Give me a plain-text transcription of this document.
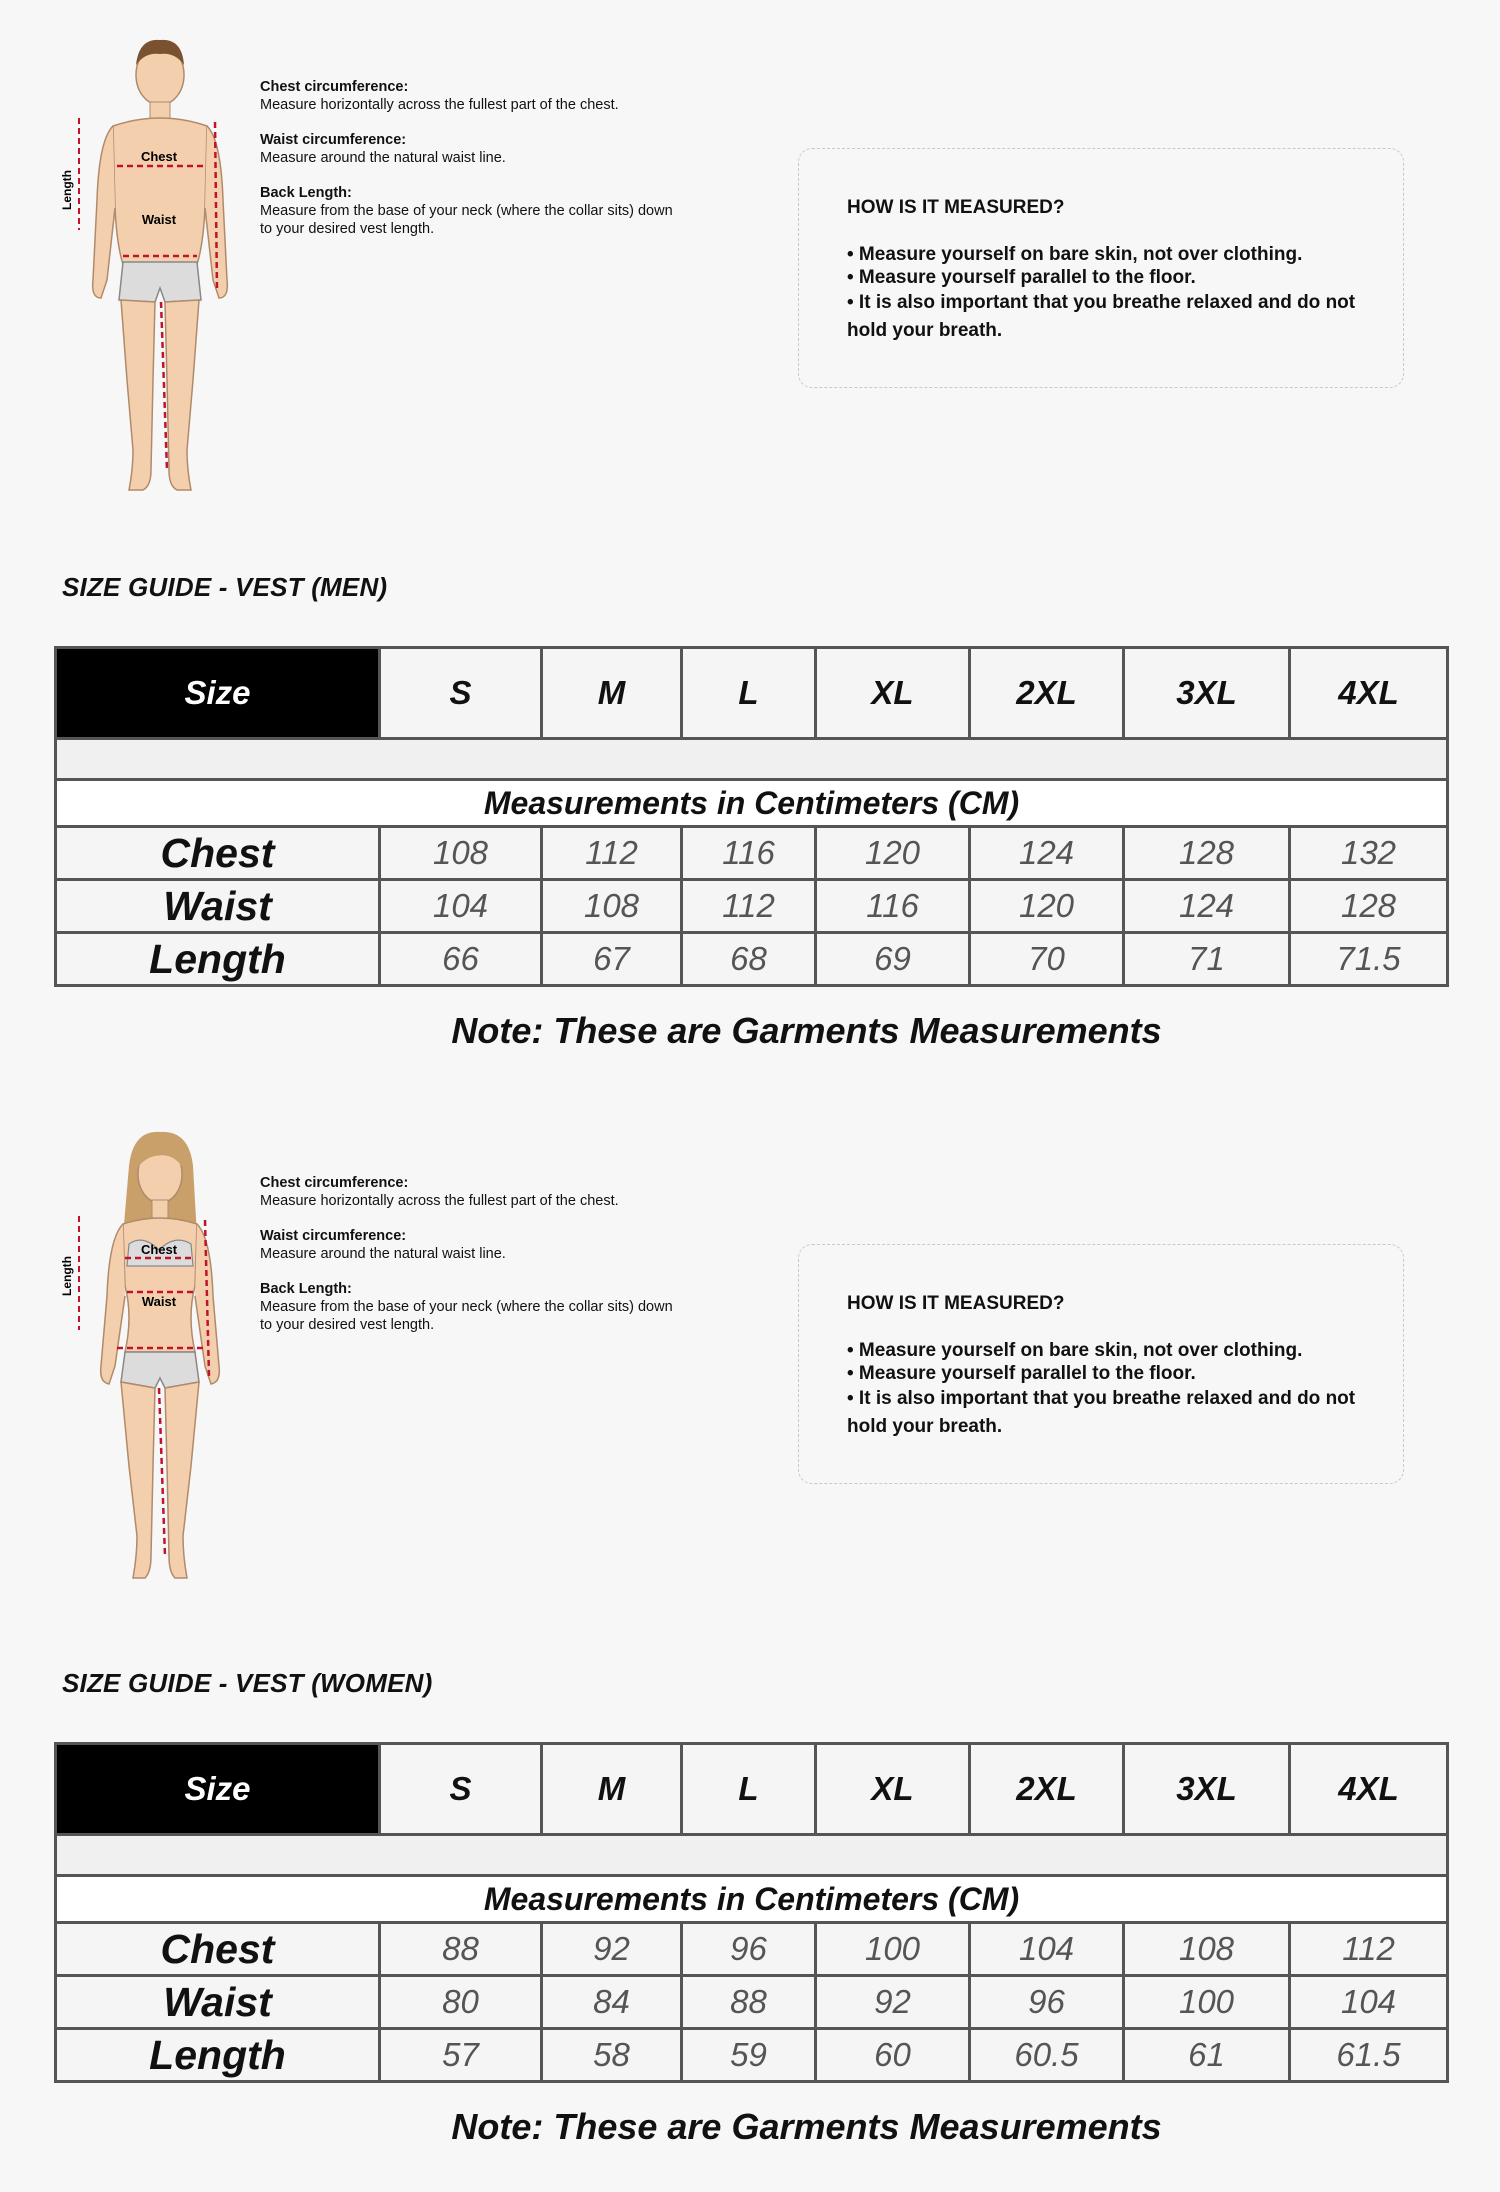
Chest
Waist
Length
Chest circumference:
Measure horizontally across the fullest part of the chest.
Waist circumference:
Measure around the natural waist line.
Back Length:
Measure from the base of your neck (where the collar sits) down to your desired vest length.
HOW IS IT MEASURED?
• Measure yourself on bare skin, not over clothing.
• Measure yourself parallel to the floor.
• It is also important that you breathe relaxed and do not hold your breath.
SIZE GUIDE - VEST (MEN)
Size	S	M	L	XL	2XL	3XL	4XL

Measurements in Centimeters (CM)							
Chest	108	112	116	120	124	128	132
Waist	104	108	112	116	120	124	128
Length	66	67	68	69	70	71	71.5
Note: These are Garments Measurements
Chest
Waist
Length
Chest circumference:
Measure horizontally across the fullest part of the chest.
Waist circumference:
Measure around the natural waist line.
Back Length:
Measure from the base of your neck (where the collar sits) down to your desired vest length.
HOW IS IT MEASURED?
• Measure yourself on bare skin, not over clothing.
• Measure yourself parallel to the floor.
• It is also important that you breathe relaxed and do not hold your breath.
SIZE GUIDE - VEST (WOMEN)
Size	S	M	L	XL	2XL	3XL	4XL

Measurements in Centimeters (CM)							
Chest	88	92	96	100	104	108	112
Waist	80	84	88	92	96	100	104
Length	57	58	59	60	60.5	61	61.5
Note: These are Garments Measurements
